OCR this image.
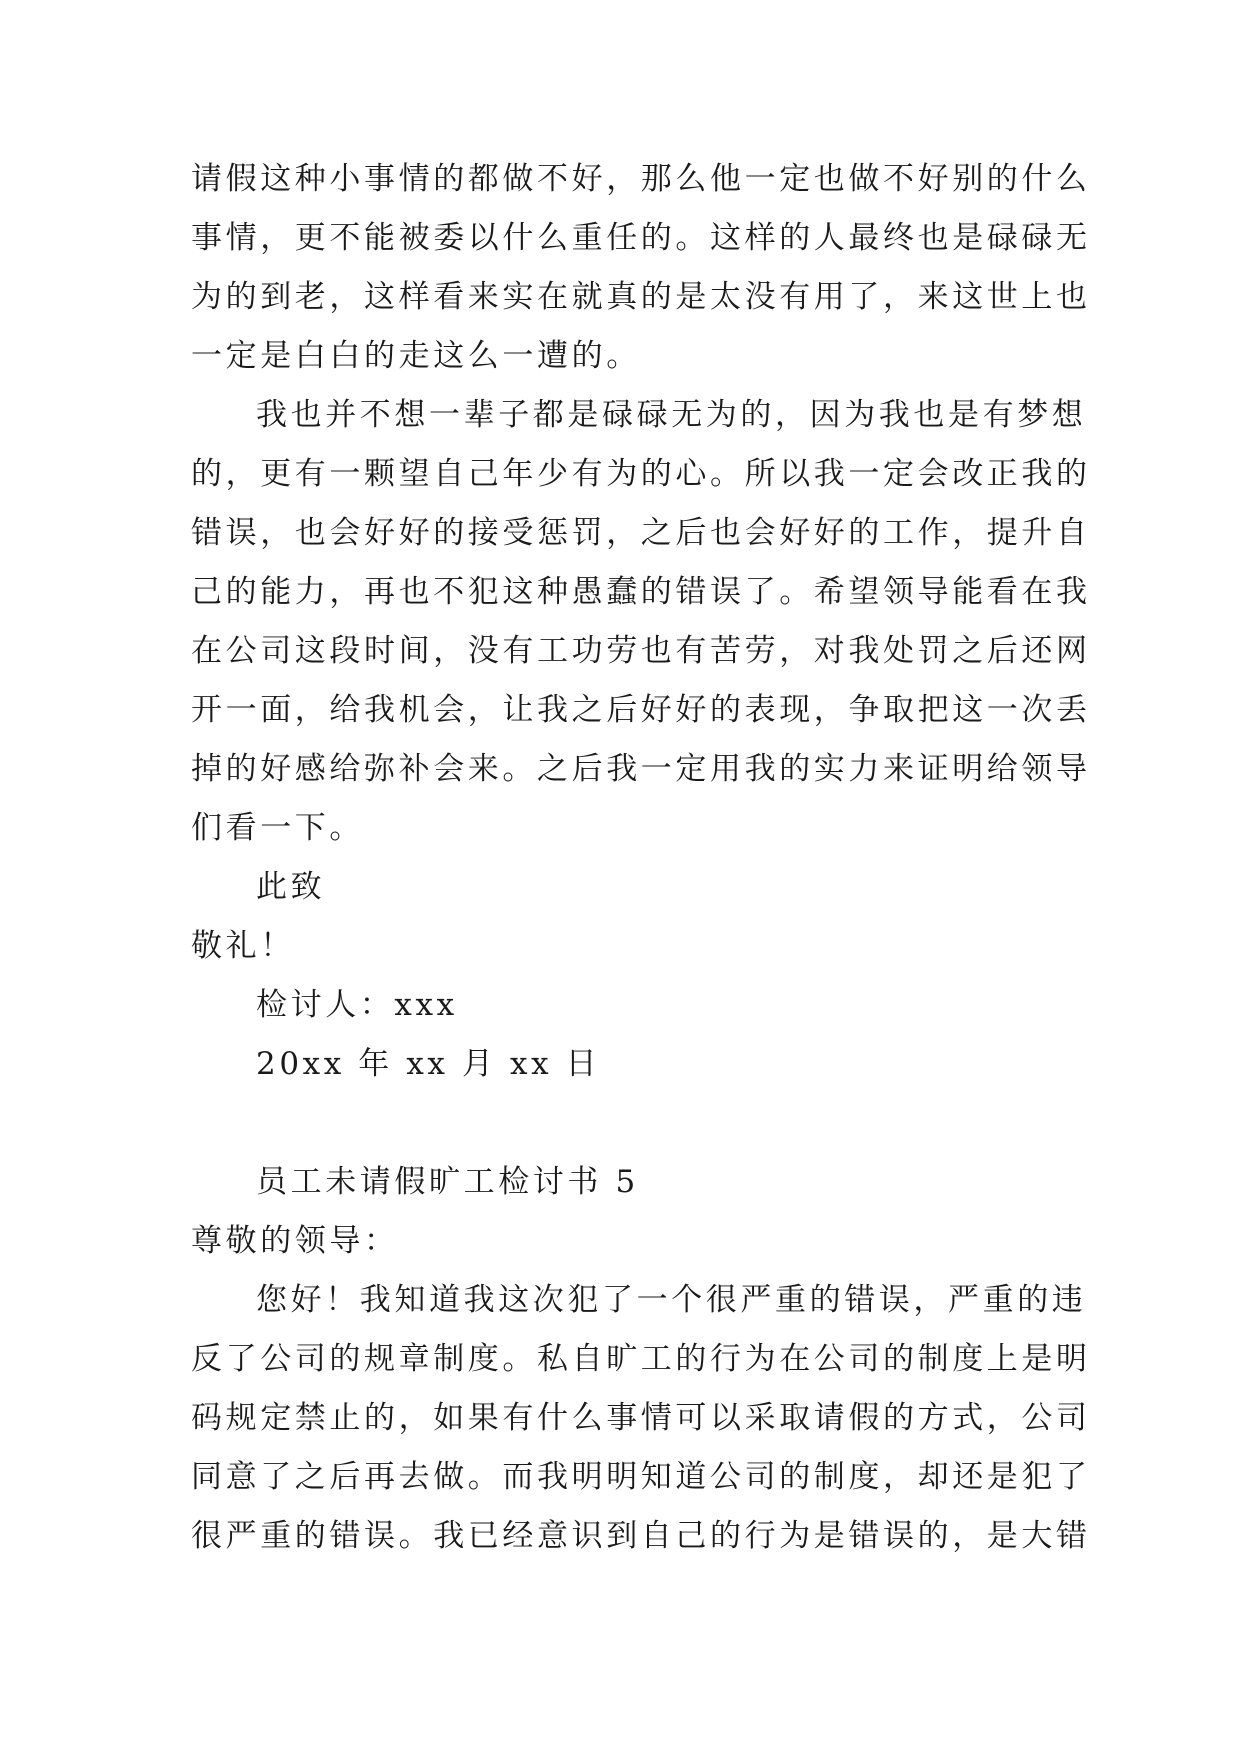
请假这种小事情的都做不好，那么他一定也做不好别的什么
事情，更不能被委以什么重任的。这样的人最终也是碌碌无
为的到老，这样看来实在就真的是太没有用了，来这世上也
一定是白白的走这么一遭的。
我也并不想一辈子都是碌碌无为的，因为我也是有梦想
的，更有一颗望自己年少有为的心。所以我一定会改正我的
错误，也会好好的接受惩罚，之后也会好好的工作，提升自
己的能力，再也不犯这种愚蠢的错误了。希望领导能看在我
在公司这段时间，没有工功劳也有苦劳，对我处罚之后还网
开一面，给我机会，让我之后好好的表现，争取把这一次丢
掉的好感给弥补会来。之后我一定用我的实力来证明给领导
们看一下。
此致
敬礼！
检讨人：xxx
20xx 年 xx 月 xx 日
员工未请假旷工检讨书 5
尊敬的领导：
您好！我知道我这次犯了一个很严重的错误，严重的违
反了公司的规章制度。私自旷工的行为在公司的制度上是明
码规定禁止的，如果有什么事情可以采取请假的方式，公司
同意了之后再去做。而我明明知道公司的制度，却还是犯了
很严重的错误。我已经意识到自己的行为是错误的，是大错
